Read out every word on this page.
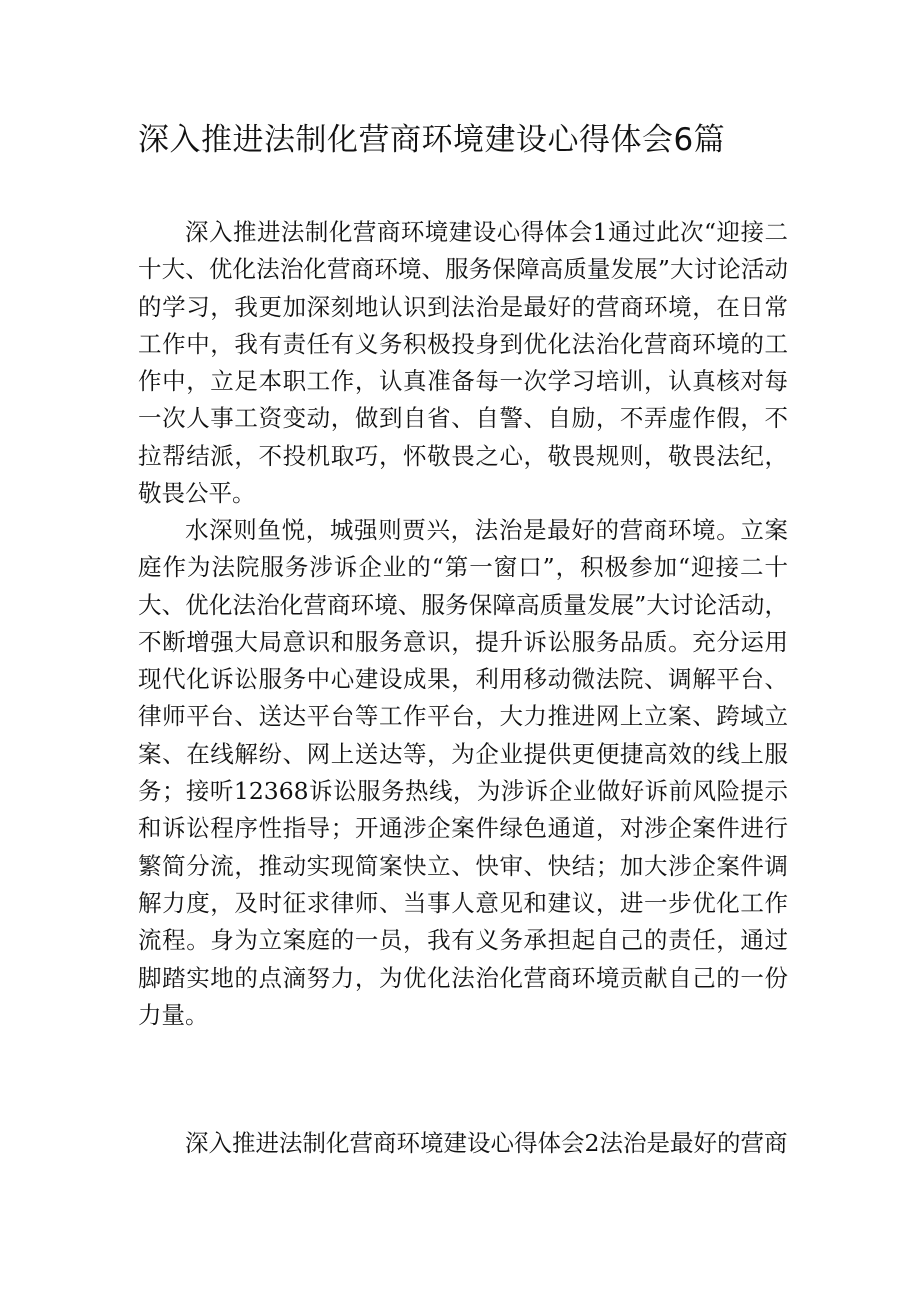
深入推进法制化营商环境建设心得体会6篇

深入推进法制化营商环境建设心得体会1通过此次“迎接二十大、优化法治化营商环境、服务保障高质量发展”大讨论活动的学习，我更加深刻地认识到法治是最好的营商环境，在日常工作中，我有责任有义务积极投身到优化法治化营商环境的工作中，立足本职工作，认真准备每一次学习培训，认真核对每一次人事工资变动，做到自省、自警、自励，不弄虚作假，不拉帮结派，不投机取巧，怀敬畏之心，敬畏规则，敬畏法纪，敬畏公平。

水深则鱼悦，城强则贾兴，法治是最好的营商环境。立案庭作为法院服务涉诉企业的“第一窗口”，积极参加“迎接二十大、优化法治化营商环境、服务保障高质量发展”大讨论活动，不断增强大局意识和服务意识，提升诉讼服务品质。充分运用现代化诉讼服务中心建设成果，利用移动微法院、调解平台、律师平台、送达平台等工作平台，大力推进网上立案、跨域立案、在线解纷、网上送达等，为企业提供更便捷高效的线上服务；接听12368诉讼服务热线，为涉诉企业做好诉前风险提示和诉讼程序性指导；开通涉企案件绿色通道，对涉企案件进行繁简分流，推动实现简案快立、快审、快结；加大涉企案件调解力度，及时征求律师、当事人意见和建议，进一步优化工作流程。身为立案庭的一员，我有义务承担起自己的责任，通过脚踏实地的点滴努力，为优化法治化营商环境贡献自己的一份力量。

深入推进法制化营商环境建设心得体会2法治是最好的营商
